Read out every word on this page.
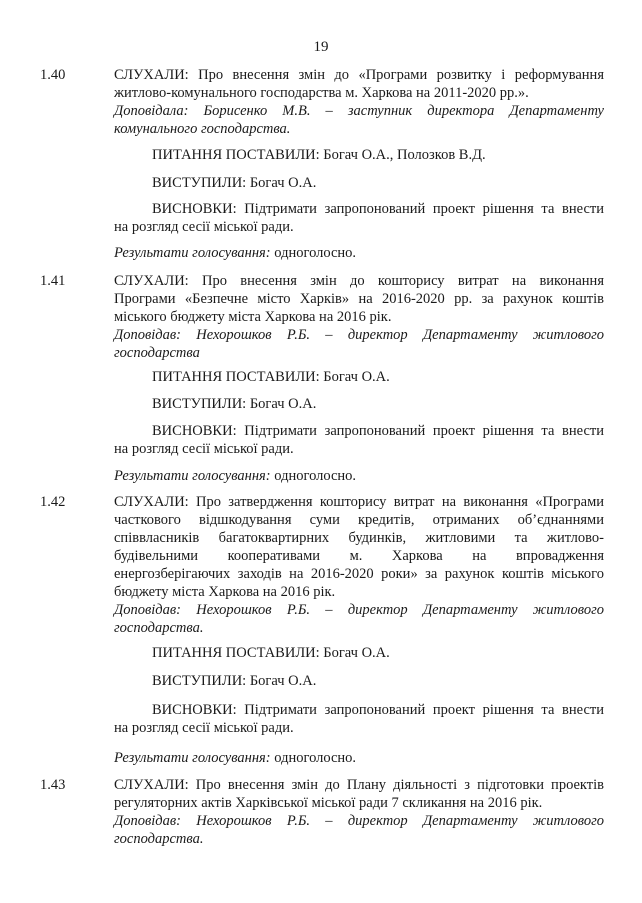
19
1.40	СЛУХАЛИ: Про внесення змін до «Програми розвитку і реформування
житлово-комунального господарства м. Харкова на 2011-2020 рр.».
Доповідала: Борисенко М.В. – заступник директора Департаменту
комунального господарства.
ПИТАННЯ ПОСТАВИЛИ: Богач О.А., Полозков В.Д.
ВИСТУПИЛИ: Богач О.А.
ВИСНОВКИ: Підтримати запропонований проект рішення та внести
на розгляд сесії міської ради.
Результати голосування: одноголосно.
1.41	СЛУХАЛИ: Про внесення змін до кошторису витрат на виконання
Програми «Безпечне місто Харків» на 2016-2020 рр. за рахунок коштів
міського бюджету міста Харкова на 2016 рік.
Доповідав: Нехорошков Р.Б. – директор Департаменту житлового
господарства
ПИТАННЯ ПОСТАВИЛИ: Богач О.А.
ВИСТУПИЛИ: Богач О.А.
ВИСНОВКИ: Підтримати запропонований проект рішення та внести
на розгляд сесії міської ради.
Результати голосування: одноголосно.
1.42	СЛУХАЛИ: Про затвердження кошторису витрат на виконання «Програми
часткового відшкодування суми кредитів, отриманих об’єднаннями
співвласників багатоквартирних будинків, житловими та житлово-
будівельними кооперативами м. Харкова на впровадження
енергозберігаючих заходів на 2016-2020 роки» за рахунок коштів міського
бюджету міста Харкова на 2016 рік.
Доповідав: Нехорошков Р.Б. – директор Департаменту житлового
господарства.
ПИТАННЯ ПОСТАВИЛИ: Богач О.А.
ВИСТУПИЛИ: Богач О.А.
ВИСНОВКИ: Підтримати запропонований проект рішення та внести
на розгляд сесії міської ради.
Результати голосування: одноголосно.
1.43	СЛУХАЛИ: Про внесення змін до Плану діяльності з підготовки проектів
регуляторних актів Харківської міської ради 7 скликання на 2016 рік.
Доповідав: Нехорошков Р.Б. – директор Департаменту житлового
господарства.
